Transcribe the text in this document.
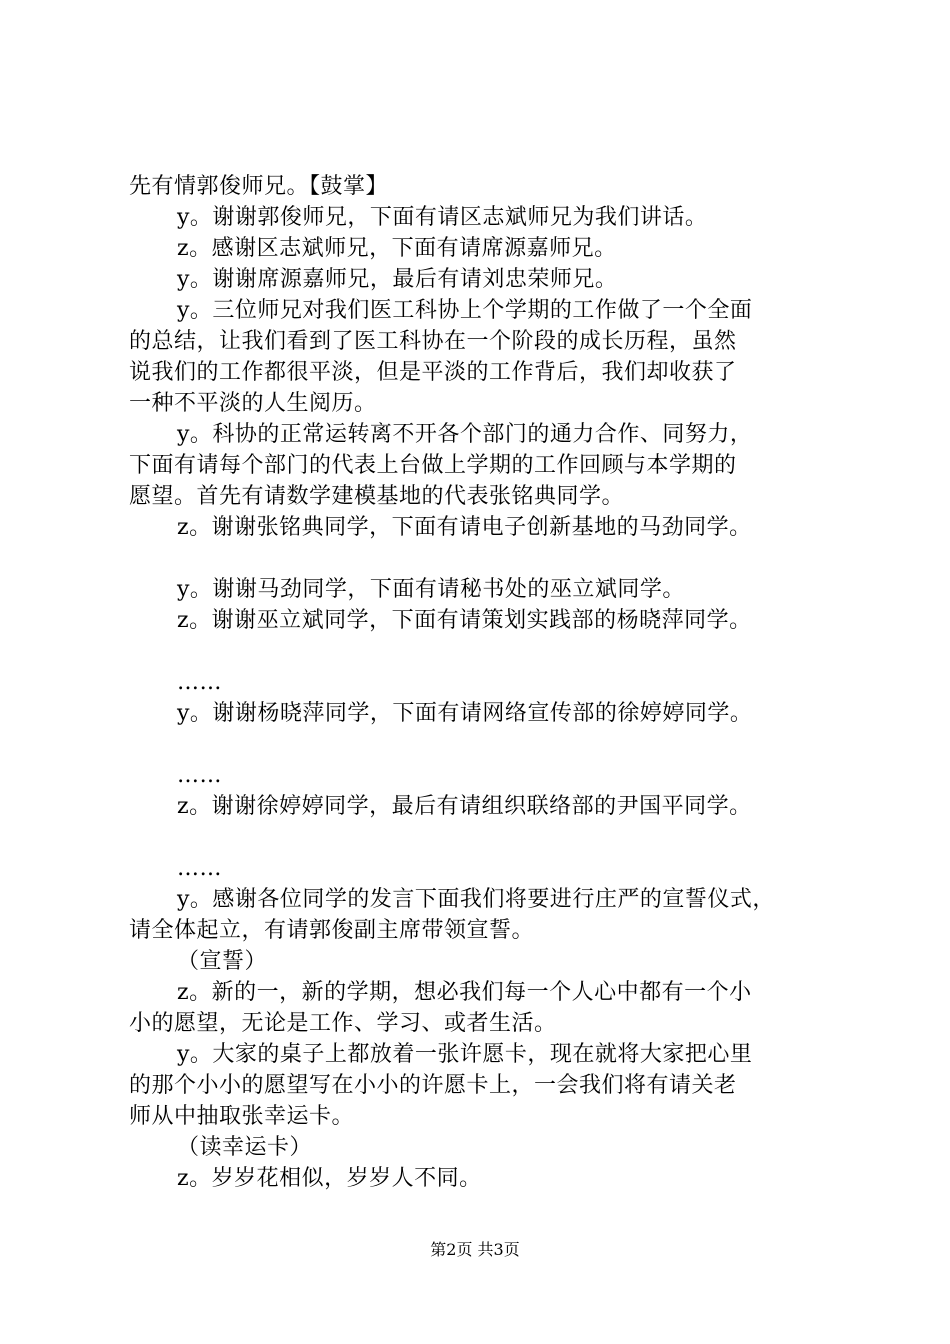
先有情郭俊师兄。【鼓掌】
y。谢谢郭俊师兄，下面有请区志斌师兄为我们讲话。
z。感谢区志斌师兄，下面有请席源嘉师兄。
y。谢谢席源嘉师兄，最后有请刘忠荣师兄。
y。三位师兄对我们医工科协上个学期的工作做了一个全面
的总结，让我们看到了医工科协在一个阶段的成长历程，虽然
说我们的工作都很平淡，但是平淡的工作背后，我们却收获了
一种不平淡的人生阅历。
y。科协的正常运转离不开各个部门的通力合作、同努力，
下面有请每个部门的代表上台做上学期的工作回顾与本学期的
愿望。首先有请数学建模基地的代表张铭典同学。
z。谢谢张铭典同学，下面有请电子创新基地的马劲同学。
y。谢谢马劲同学，下面有请秘书处的巫立斌同学。
z。谢谢巫立斌同学，下面有请策划实践部的杨晓萍同学。
……
y。谢谢杨晓萍同学，下面有请网络宣传部的徐婷婷同学。
……
z。谢谢徐婷婷同学，最后有请组织联络部的尹国平同学。
……
y。感谢各位同学的发言下面我们将要进行庄严的宣誓仪式，
请全体起立，有请郭俊副主席带领宣誓。
（宣誓）
z。新的一，新的学期，想必我们每一个人心中都有一个小
小的愿望，无论是工作、学习、或者生活。
y。大家的桌子上都放着一张许愿卡，现在就将大家把心里
的那个小小的愿望写在小小的许愿卡上，一会我们将有请关老
师从中抽取张幸运卡。
（读幸运卡）
z。岁岁花相似，岁岁人不同。
第2页 共3页
